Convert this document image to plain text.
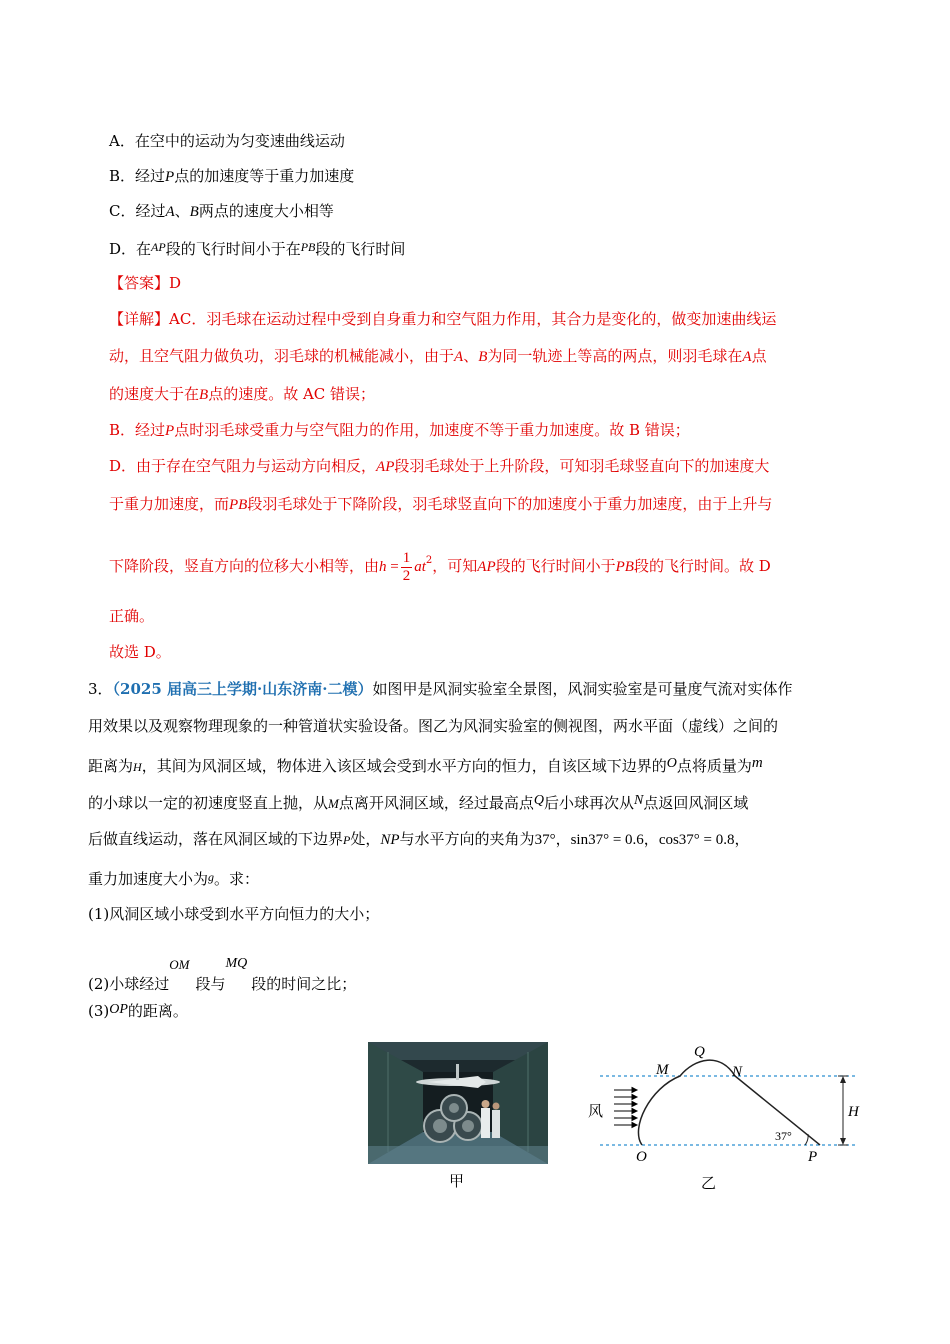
A．在空中的运动为匀变速曲线运动
B．经过P点的加速度等于重力加速度
C．经过A、B两点的速度大小相等
D．在$^{AP}$段的飞行时间小于在$^{PB}$段的飞行时间
【答案】D
【详解】AC．羽毛球在运动过程中受到自身重力和空气阻力作用，其合力是变化的，做变加速曲线运
动，且空气阻力做负功，羽毛球的机械能减小，由于A、B为同一轨迹上等高的两点，则羽毛球在A点
的速度大于在B点的速度。故 AC 错误；
B．经过P点时羽毛球受重力与空气阻力的作用，加速度不等于重力加速度。故 B 错误；
D．由于存在空气阻力与运动方向相反，AP段羽毛球处于上升阶段，可知羽毛球竖直向下的加速度大
于重力加速度，而PB段羽毛球处于下降阶段，羽毛球竖直向下的加速度小于重力加速度，由于上升与
下降阶段，竖直方向的位移大小相等，由$h = \frac{1}{2} at^2$，可知AP段的飞行时间小于PB段的飞行时间。故 D
正确。
故选 D。
3．（2025 届高三上学期·山东济南·二模）如图甲是风洞实验室全景图，风洞实验室是可量度气流对实体作
用效果以及观察物理现象的一种管道状实验设备。图乙为风洞实验室的侧视图，两水平面（虚线）之间的
距离为H，其间为风洞区域，物体进入该区域会受到水平方向的恒力，自该区域下边界的O点将质量为m
的小球以一定的初速度竖直上抛，从M点离开风洞区域，经过最高点Q后小球再次从N点返回风洞区域
后做直线运动，落在风洞区域的下边界P处，NP与水平方向的夹角为37°，sin37° = 0.6，cos37° = 0.8，
重力加速度大小为$^g$。求：
(1)风洞区域小球受到水平方向恒力的大小；
(2)小球经过OM段与MQ段的时间之比；
(3)OP的距离。
甲
风
O
M
Q
N
P
H
37°
乙
